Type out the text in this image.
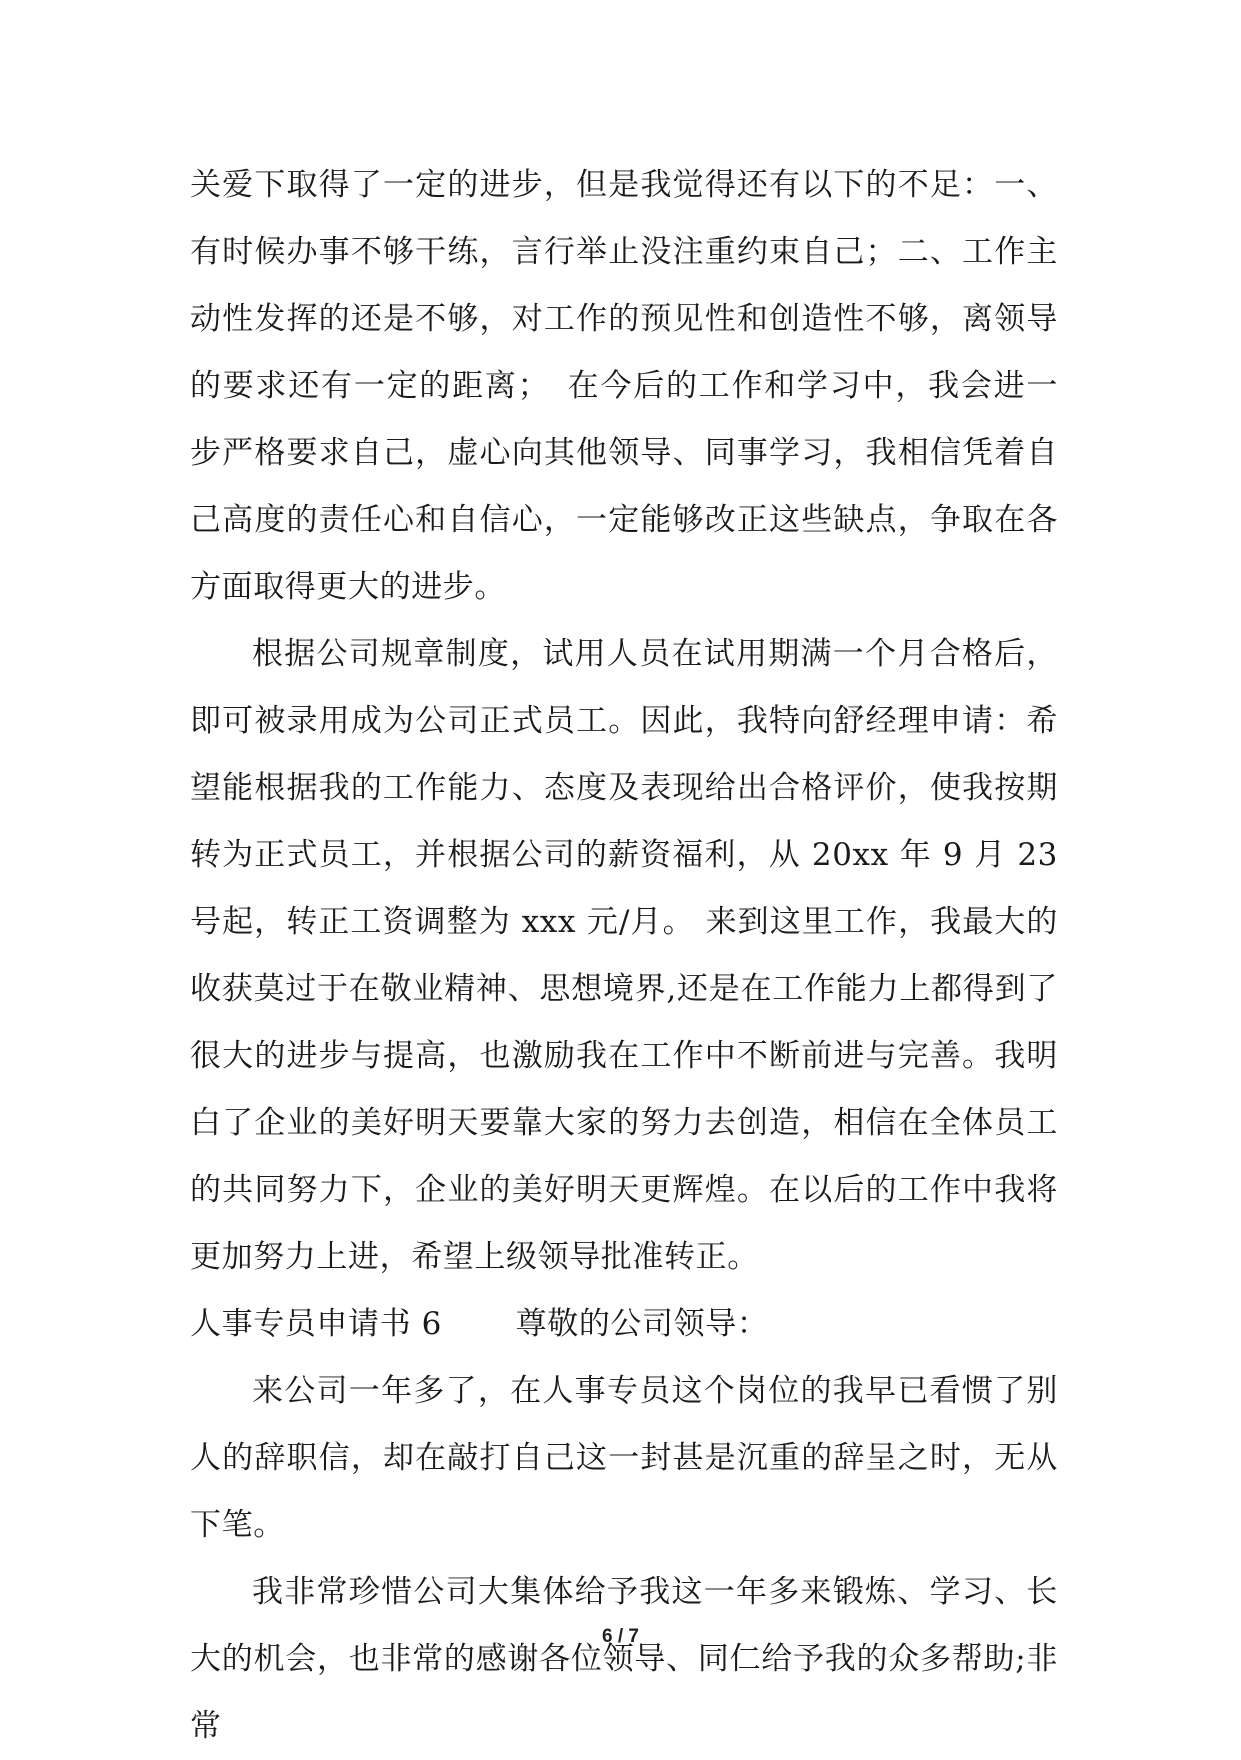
关爱下取得了一定的进步，但是我觉得还有以下的不足：一、有时候办事不够干练，言行举止没注重约束自己；二、工作主动性发挥的还是不够，对工作的预见性和创造性不够，离领导的要求还有一定的距离；　在今后的工作和学习中，我会进一步严格要求自己，虚心向其他领导、同事学习，我相信凭着自己高度的责任心和自信心，一定能够改正这些缺点，争取在各方面取得更大的进步。

根据公司规章制度，试用人员在试用期满一个月合格后，即可被录用成为公司正式员工。因此，我特向舒经理申请：希望能根据我的工作能力、态度及表现给出合格评价，使我按期转为正式员工，并根据公司的薪资福利，从 20xx 年 9 月 23 号起，转正工资调整为 xxx 元/月。 来到这里工作，我最大的收获莫过于在敬业精神、思想境界,还是在工作能力上都得到了很大的进步与提高，也激励我在工作中不断前进与完善。我明白了企业的美好明天要靠大家的努力去创造，相信在全体员工的共同努力下，企业的美好明天更辉煌。在以后的工作中我将更加努力上进，希望上级领导批准转正。

人事专员申请书 6　　 尊敬的公司领导：

来公司一年多了，在人事专员这个岗位的我早已看惯了别人的辞职信，却在敲打自己这一封甚是沉重的辞呈之时，无从下笔。

我非常珍惜公司大集体给予我这一年多来锻炼、学习、长大的机会，也非常的感谢各位领导、同仁给予我的众多帮助;非常

6 / 7
